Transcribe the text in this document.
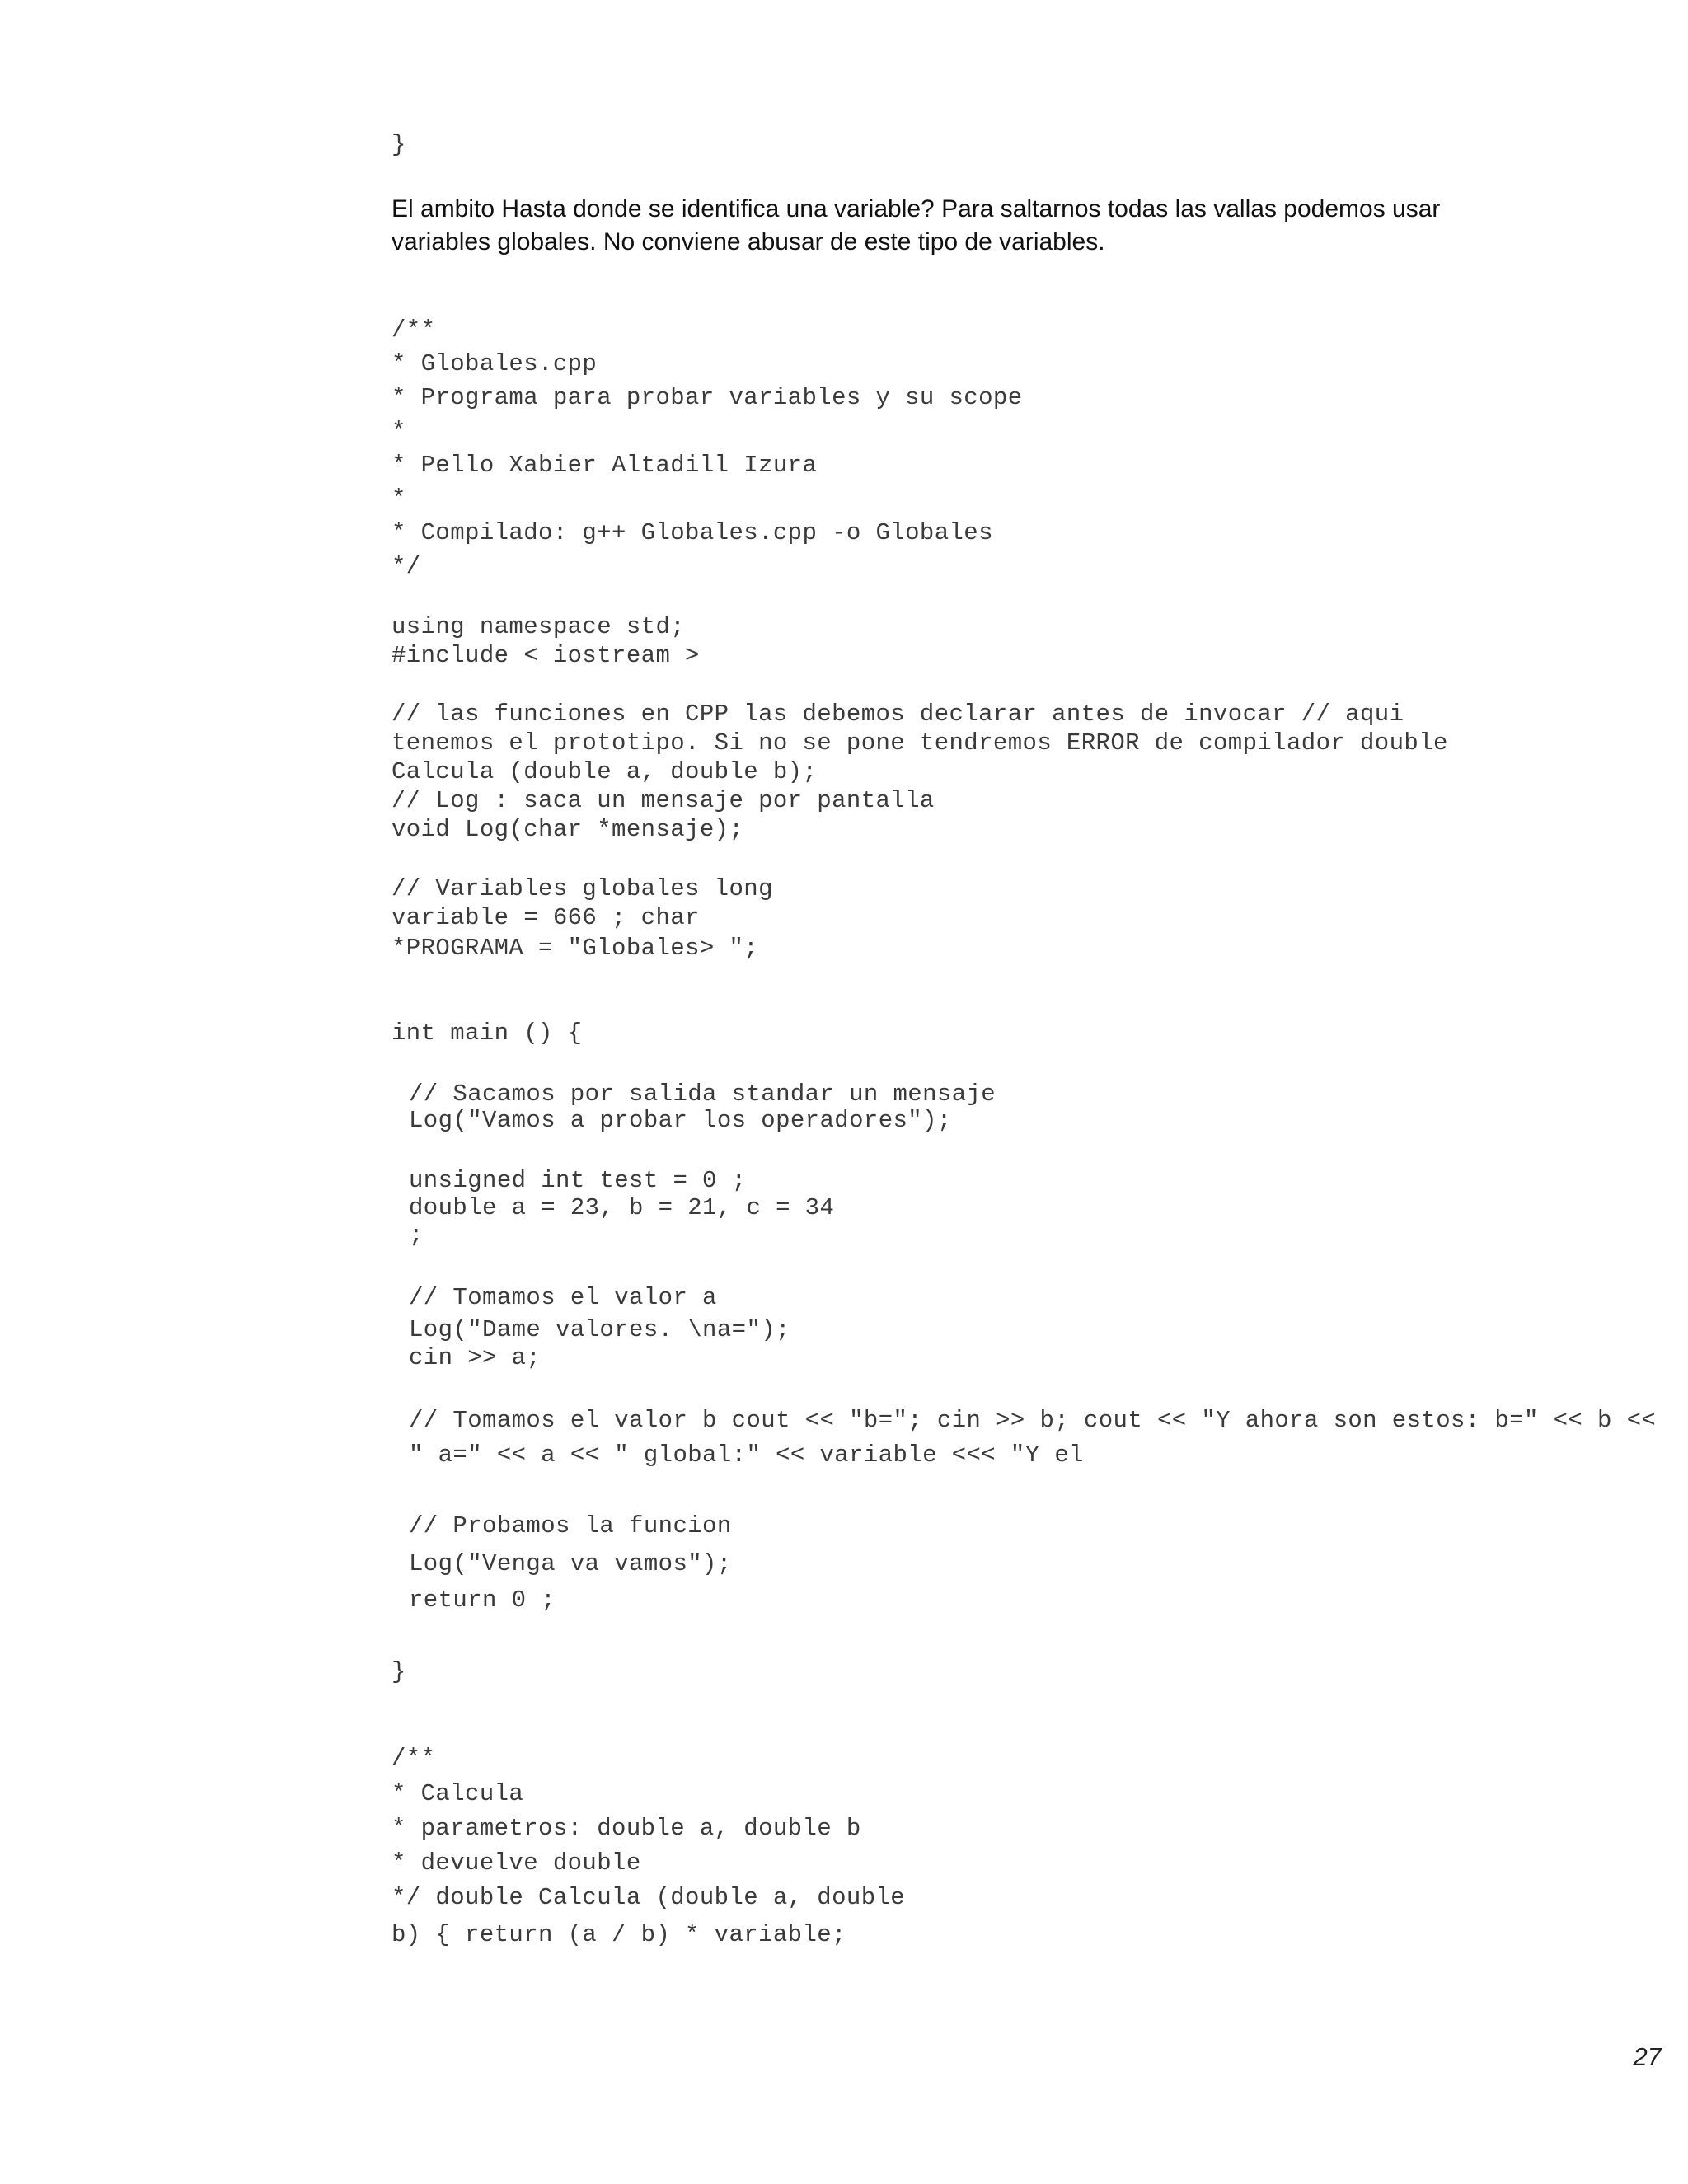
}
El ambito Hasta donde se identifica una variable? Para saltarnos todas las vallas podemos usar
variables globales. No conviene abusar de este tipo de variables.
/**
* Globales.cpp
* Programa para probar variables y su scope
*
* Pello Xabier Altadill Izura
*
* Compilado: g++ Globales.cpp -o Globales
*/
using namespace std;
#include < iostream >
// las funciones en CPP las debemos declarar antes de invocar // aqui
tenemos el prototipo. Si no se pone tendremos ERROR de compilador double
Calcula (double a, double b);
// Log : saca un mensaje por pantalla
void Log(char *mensaje);
// Variables globales long
variable = 666 ; char
*PROGRAMA = "Globales> ";
int main () {
// Sacamos por salida standar un mensaje
Log("Vamos a probar los operadores");
unsigned int test = 0 ;
double a = 23, b = 21, c = 34
;
// Tomamos el valor a
Log("Dame valores. \na=");
cin >> a;
// Tomamos el valor b cout << "b="; cin >> b; cout << "Y ahora son estos: b=" << b <<
" a=" << a << " global:" << variable <<< "Y el
// Probamos la funcion
Log("Venga va vamos");
return 0 ;
}
/**
* Calcula
* parametros: double a, double b
* devuelve double
*/ double Calcula (double a, double
b) { return (a / b) * variable;
27
